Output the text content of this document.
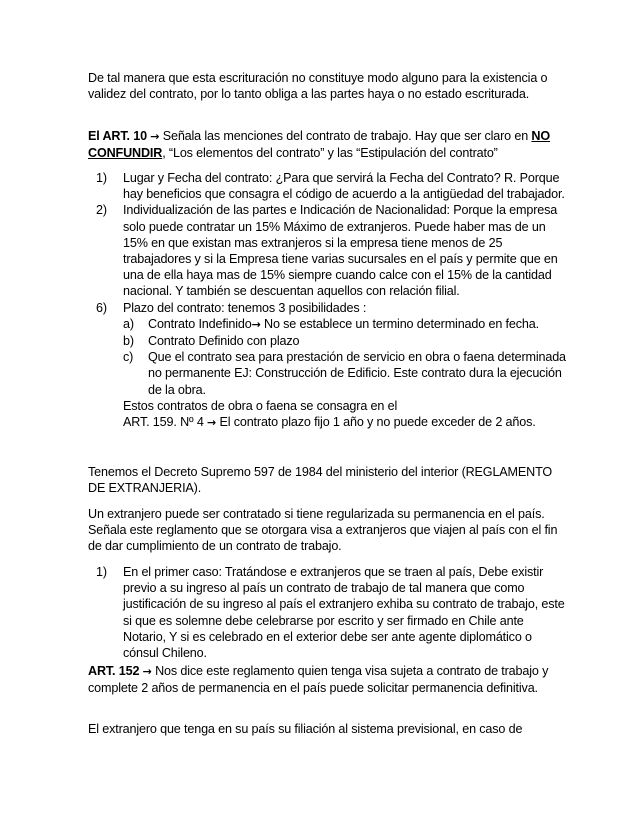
De tal manera que esta escrituración no constituye modo alguno para la existencia o validez del contrato, por lo tanto obliga a las partes haya o no estado escriturada.

El ART. 10 → Señala las menciones del contrato de trabajo. Hay que ser claro en NO CONFUNDIR, “Los elementos del contrato” y las “Estipulación del contrato”

1) Lugar y Fecha del contrato: ¿Para que servirá la Fecha del Contrato? R. Porque hay beneficios que consagra el código de acuerdo a la antigüedad del trabajador.
2) Individualización de las partes e Indicación de Nacionalidad: Porque la empresa solo puede contratar un 15% Máximo de extranjeros. Puede haber mas de un 15% en que existan mas extranjeros si la empresa tiene menos de 25 trabajadores y si la Empresa tiene varias sucursales en el país y permite que en una de ella haya mas de 15% siempre cuando calce con el 15% de la cantidad nacional. Y también se descuentan aquellos con relación filial.
6) Plazo del contrato: tenemos 3 posibilidades :
a) Contrato Indefinido→ No se establece un termino determinado en fecha.
b) Contrato Definido con plazo
c) Que el contrato sea para prestación de servicio en obra o faena determinada no permanente EJ: Construcción de Edificio. Este contrato dura la ejecución de la obra.
Estos contratos de obra o faena se consagra en el
ART. 159. Nº 4 → El contrato plazo fijo 1 año y no puede exceder de 2 años.

Tenemos el Decreto Supremo 597 de 1984 del ministerio del interior (REGLAMENTO DE EXTRANJERIA).

Un extranjero puede ser contratado si tiene regularizada su permanencia en el país. Señala este reglamento que se otorgara visa a extranjeros que viajen al país con el fin de dar cumplimiento de un contrato de trabajo.

1) En el primer caso: Tratándose e extranjeros que se traen al país, Debe existir previo a su ingreso al país un contrato de trabajo de tal manera que como justificación de su ingreso al país el extranjero exhiba su contrato de trabajo, este si que es solemne debe celebrarse por escrito y ser firmado en Chile ante Notario, Y si es celebrado en el exterior debe ser ante agente diplomático o cónsul Chileno.

ART. 152 → Nos dice este reglamento quien tenga visa sujeta a contrato de trabajo y complete 2 años de permanencia en el país puede solicitar permanencia definitiva.

El extranjero que tenga en su país su filiación al sistema previsional, en caso de
